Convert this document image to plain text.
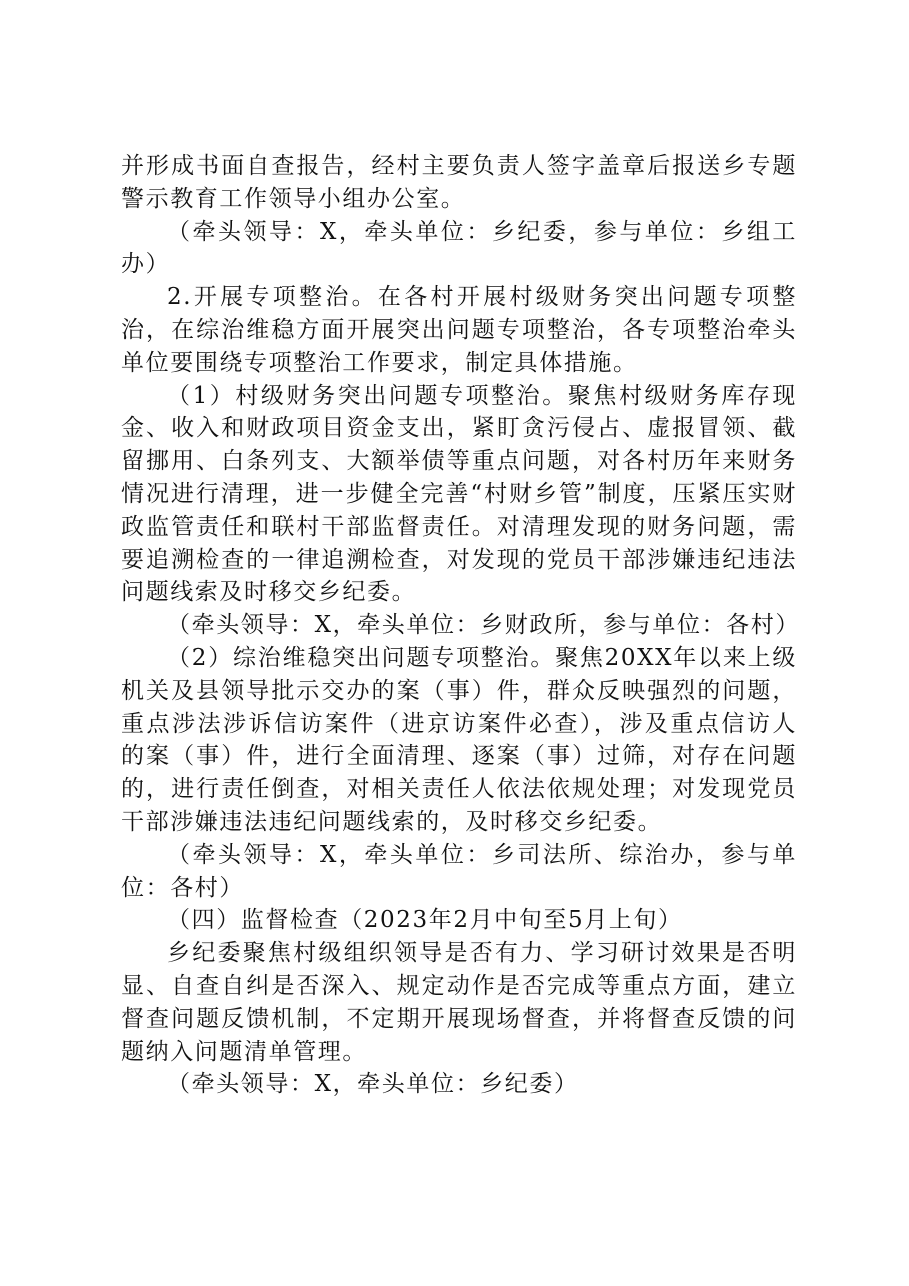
并形成书面自查报告，经村主要负责人签字盖章后报送乡专题警示教育工作领导小组办公室。

（牵头领导：X，牵头单位：乡纪委，参与单位：乡组工办）

2.开展专项整治。在各村开展村级财务突出问题专项整治，在综治维稳方面开展突出问题专项整治，各专项整治牵头单位要围绕专项整治工作要求，制定具体措施。

（1）村级财务突出问题专项整治。聚焦村级财务库存现金、收入和财政项目资金支出，紧盯贪污侵占、虚报冒领、截留挪用、白条列支、大额举债等重点问题，对各村历年来财务情况进行清理，进一步健全完善“村财乡管”制度，压紧压实财政监管责任和联村干部监督责任。对清理发现的财务问题，需要追溯检查的一律追溯检查，对发现的党员干部涉嫌违纪违法问题线索及时移交乡纪委。

（牵头领导：X，牵头单位：乡财政所，参与单位：各村）

（2）综治维稳突出问题专项整治。聚焦20XX年以来上级机关及县领导批示交办的案（事）件，群众反映强烈的问题，重点涉法涉诉信访案件（进京访案件必查），涉及重点信访人的案（事）件，进行全面清理、逐案（事）过筛，对存在问题的，进行责任倒查，对相关责任人依法依规处理；对发现党员干部涉嫌违法违纪问题线索的，及时移交乡纪委。

（牵头领导：X，牵头单位：乡司法所、综治办，参与单位：各村）

（四）监督检查（2023年2月中旬至5月上旬）

乡纪委聚焦村级组织领导是否有力、学习研讨效果是否明显、自查自纠是否深入、规定动作是否完成等重点方面，建立督查问题反馈机制，不定期开展现场督查，并将督查反馈的问题纳入问题清单管理。

（牵头领导：X，牵头单位：乡纪委）
